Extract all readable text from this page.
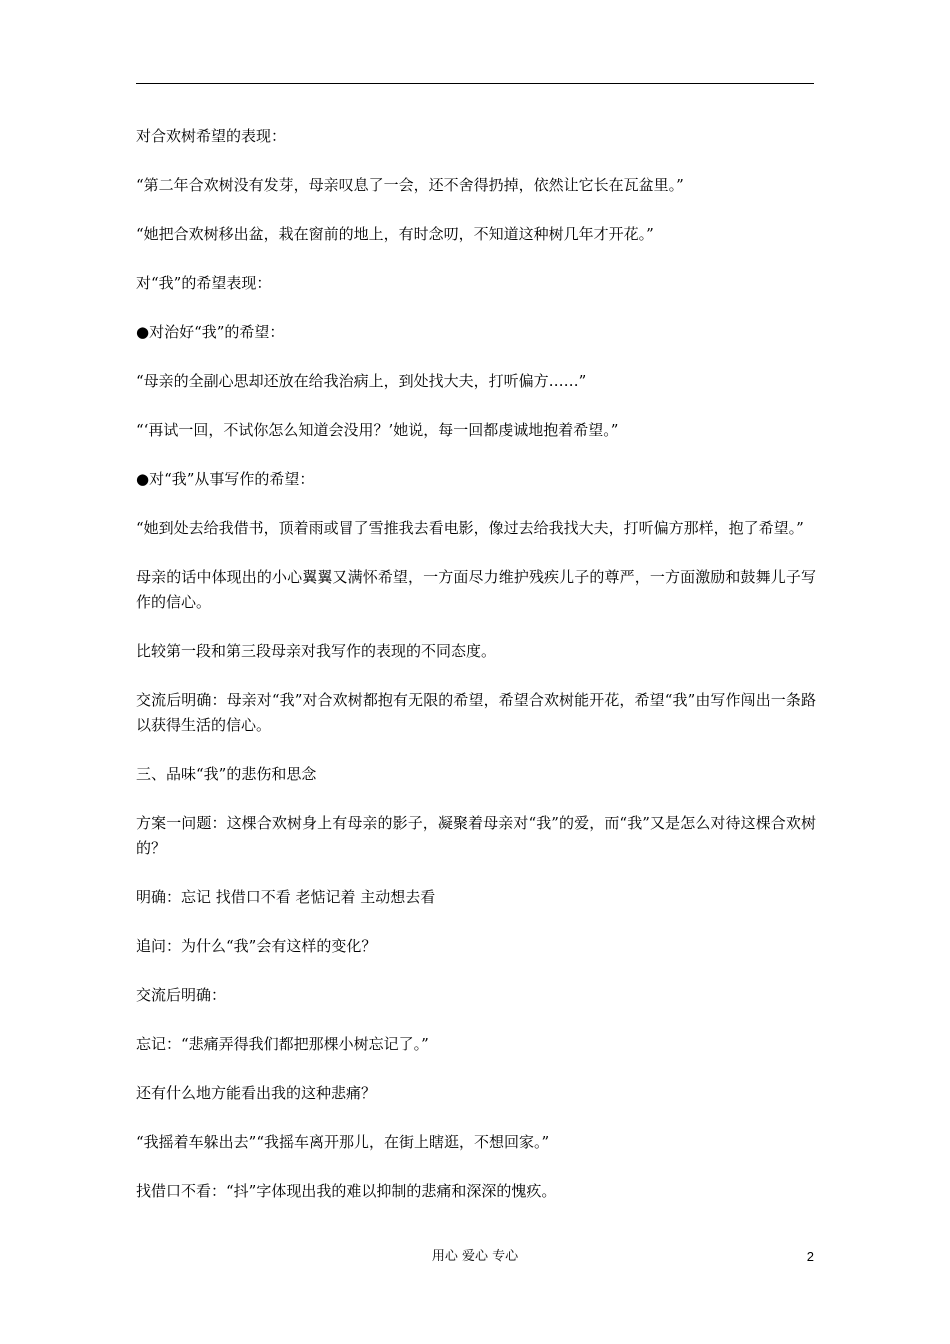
对合欢树希望的表现：

“第二年合欢树没有发芽，母亲叹息了一会，还不舍得扔掉，依然让它长在瓦盆里。”

“她把合欢树移出盆，栽在窗前的地上，有时念叨，不知道这种树几年才开花。”

对“我”的希望表现：

●对治好“我”的希望：

“母亲的全副心思却还放在给我治病上，到处找大夫，打听偏方……”

“‘再试一回，不试你怎么知道会没用？’她说，每一回都虔诚地抱着希望。”

●对“我”从事写作的希望：

“她到处去给我借书，顶着雨或冒了雪推我去看电影，像过去给我找大夫，打听偏方那样，抱了希望。”

母亲的话中体现出的小心翼翼又满怀希望，一方面尽力维护残疾儿子的尊严，一方面激励和鼓舞儿子写作的信心。

比较第一段和第三段母亲对我写作的表现的不同态度。

交流后明确：母亲对“我”对合欢树都抱有无限的希望，希望合欢树能开花，希望“我”由写作闯出一条路以获得生活的信心。

三、品味“我”的悲伤和思念

方案一问题：这棵合欢树身上有母亲的影子，凝聚着母亲对“我”的爱，而“我”又是怎么对待这棵合欢树的？

明确：忘记 找借口不看 老惦记着 主动想去看

追问：为什么“我”会有这样的变化？

交流后明确：

忘记：“悲痛弄得我们都把那棵小树忘记了。”

还有什么地方能看出我的这种悲痛？

“我摇着车躲出去”“我摇车离开那儿，在街上瞎逛，不想回家。”

找借口不看：“抖”字体现出我的难以抑制的悲痛和深深的愧疚。

用心 爱心 专心	2
